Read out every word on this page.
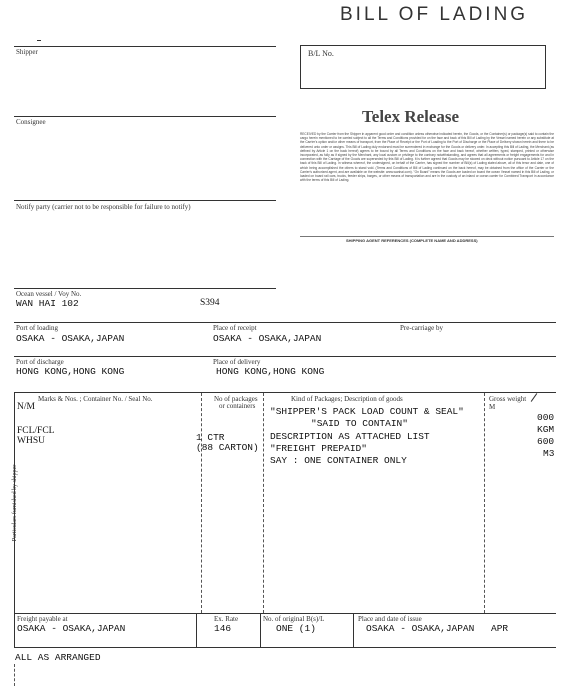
BILL OF LADING
B/L No.
Telex Release
Shipper
Consignee
Notify party (carrier not to be responsible for failure to notify)
RECEIVED by the Carrier from the Shipper in apparent good order and condition unless otherwise indicated herein, the Goods, or the Container(s) or package(s) said to contain the cargo herein mentioned to be carried subject to all the Terms and Conditions provided for on the face and back of this Bill of Lading by the Vessel named herein or any substitute at the Carrier's option and/or other means of transport, from the Place of Receipt or the Port of Loading to the Port of Discharge or the Place of Delivery shown herein and there to be delivered unto order or assigns. This Bill of Lading duly endorsed must be surrendered in exchange for the Goods or delivery order. In accepting this Bill of Lading, the Merchant (as defined by Article 1 on the back hereof) agrees to be bound by all Terms and Conditions on the face and back hereof, whether written, typed, stamped, printed or otherwise incorporated, as fully as if signed by the Merchant, any local custom or privilege to the contrary notwithstanding, and agrees that all agreements or freight engagements for and in connection with the Carriage of the Goods are superseded by this Bill of Lading. It is further agreed that Goods may be stowed on deck without notice pursuant to Article 17 on the back of this Bill of Lading. In witness whereof, the undersigned, on behalf of the Carrier, has signed the number of Bill(s) of Lading stated above, all of this tenor and date, one of which being accomplished the others to stand void. (Terms and Conditions of Bill of Lading continued on the back hereof, may be obtained from the office of the Carrier or the Carrier's authorized agent, and are available on the website: www.wanhai.com). "On Board" means the Goods are loaded on board the ocean Vessel named in this Bill of Lading, or loaded on board rail cars, trucks, feeder ships, barges, or other means of transportation and are in the custody of an inland or ocean carrier for Combined Transport in accordance with the terms of this Bill of Lading.
SHIPPING AGENT REFERENCES (COMPLETE NAME AND ADDRESS)
Ocean vessel / Voy No.
WAN HAI 102	S394
Port of loading
OSAKA - OSAKA,JAPAN
Place of receipt
OSAKA - OSAKA,JAPAN
Pre-carriage by
Port of discharge
HONG KONG,HONG KONG
Place of delivery
HONG KONG,HONG KONG
Marks & Nos. ; Container No. / Seal No.	No of packages
or containers
Kind of Packages; Description of goods	Gross weight
M
N/M
FCL/FCL
WHSU	1 CTR
(88 CARTON)
"SHIPPER'S PACK LOAD COUNT & SEAL"
"SAID TO CONTAIN"
DESCRIPTION AS ATTACHED LIST
"FREIGHT PREPAID"
SAY : ONE CONTAINER ONLY
000
KGM
600
M3
Particulars furnished by shipper
Freight payable at
OSAKA - OSAKA,JAPAN
Ex. Rate
146
No. of original B(s)/L
ONE (1)
Place and date of issue
OSAKA - OSAKA,JAPAN APR
ALL AS ARRANGED
